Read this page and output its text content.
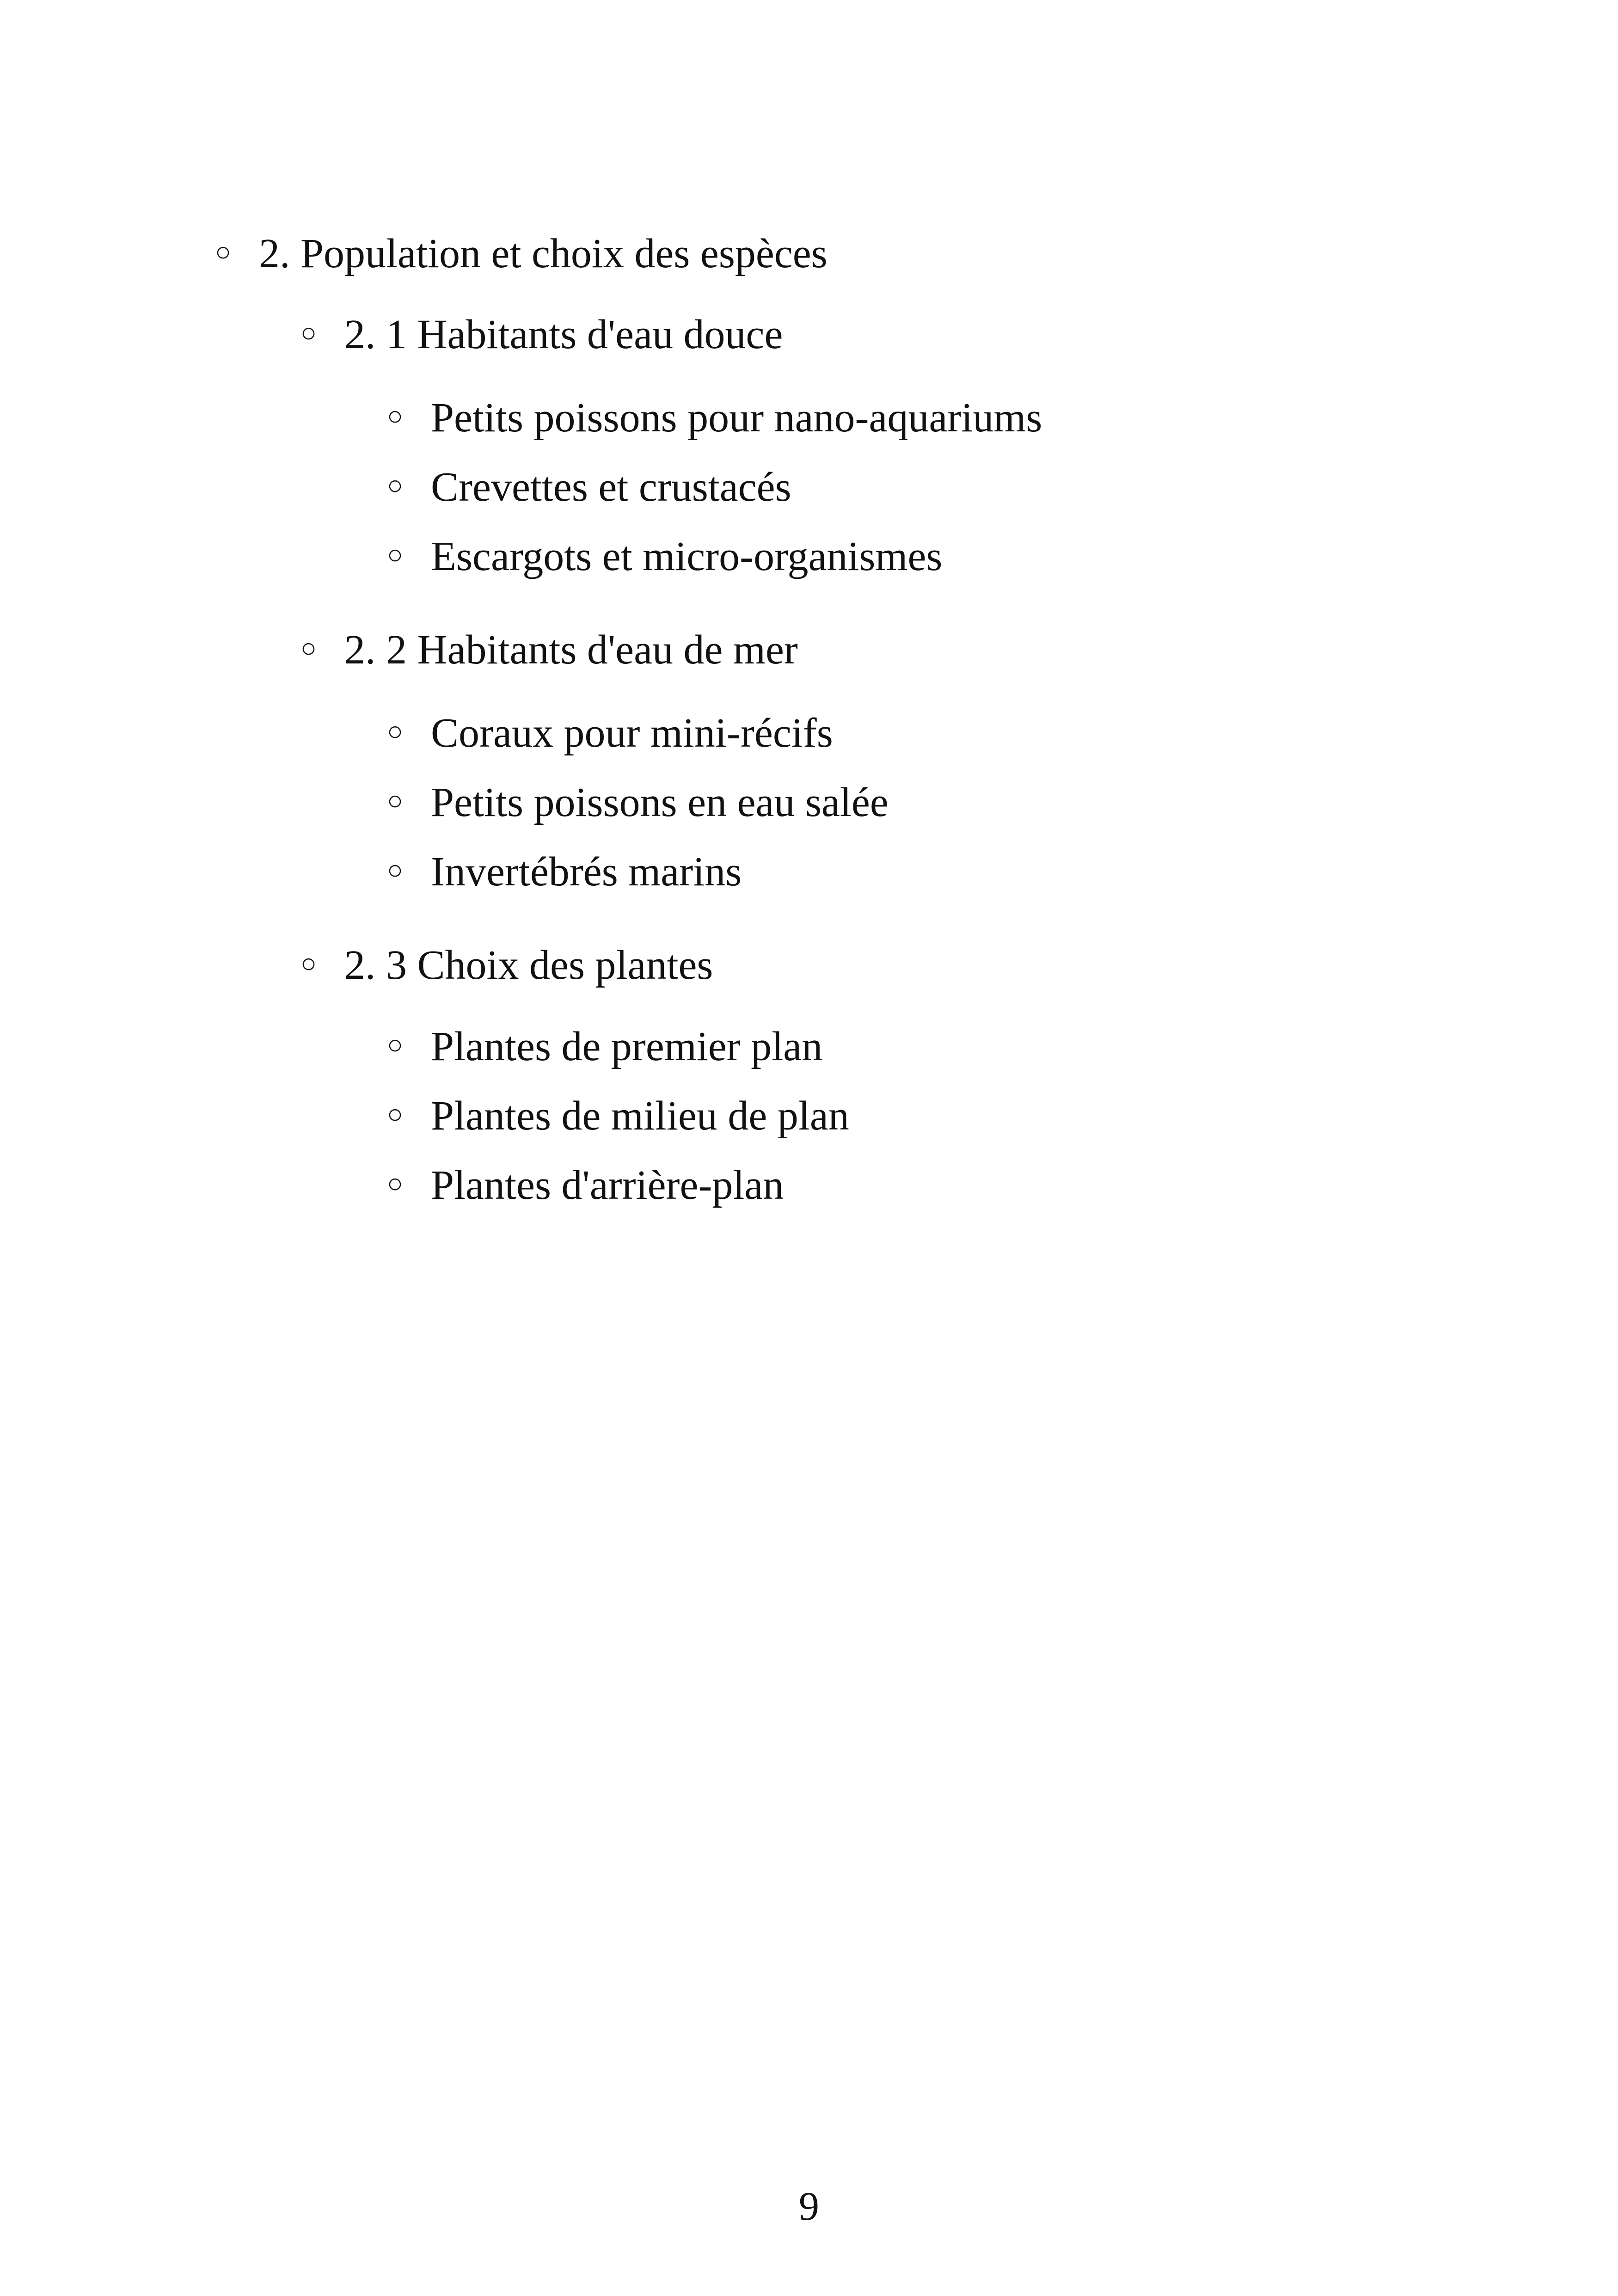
○ 2. Population et choix des espèces
○ 2. 1 Habitants d'eau douce
○ Petits poissons pour nano-aquariums
○ Crevettes et crustacés
○ Escargots et micro-organismes
○ 2. 2 Habitants d'eau de mer
○ Coraux pour mini-récifs
○ Petits poissons en eau salée
○ Invertébrés marins
○ 2. 3 Choix des plantes
○ Plantes de premier plan
○ Plantes de milieu de plan
○ Plantes d'arrière-plan
9
